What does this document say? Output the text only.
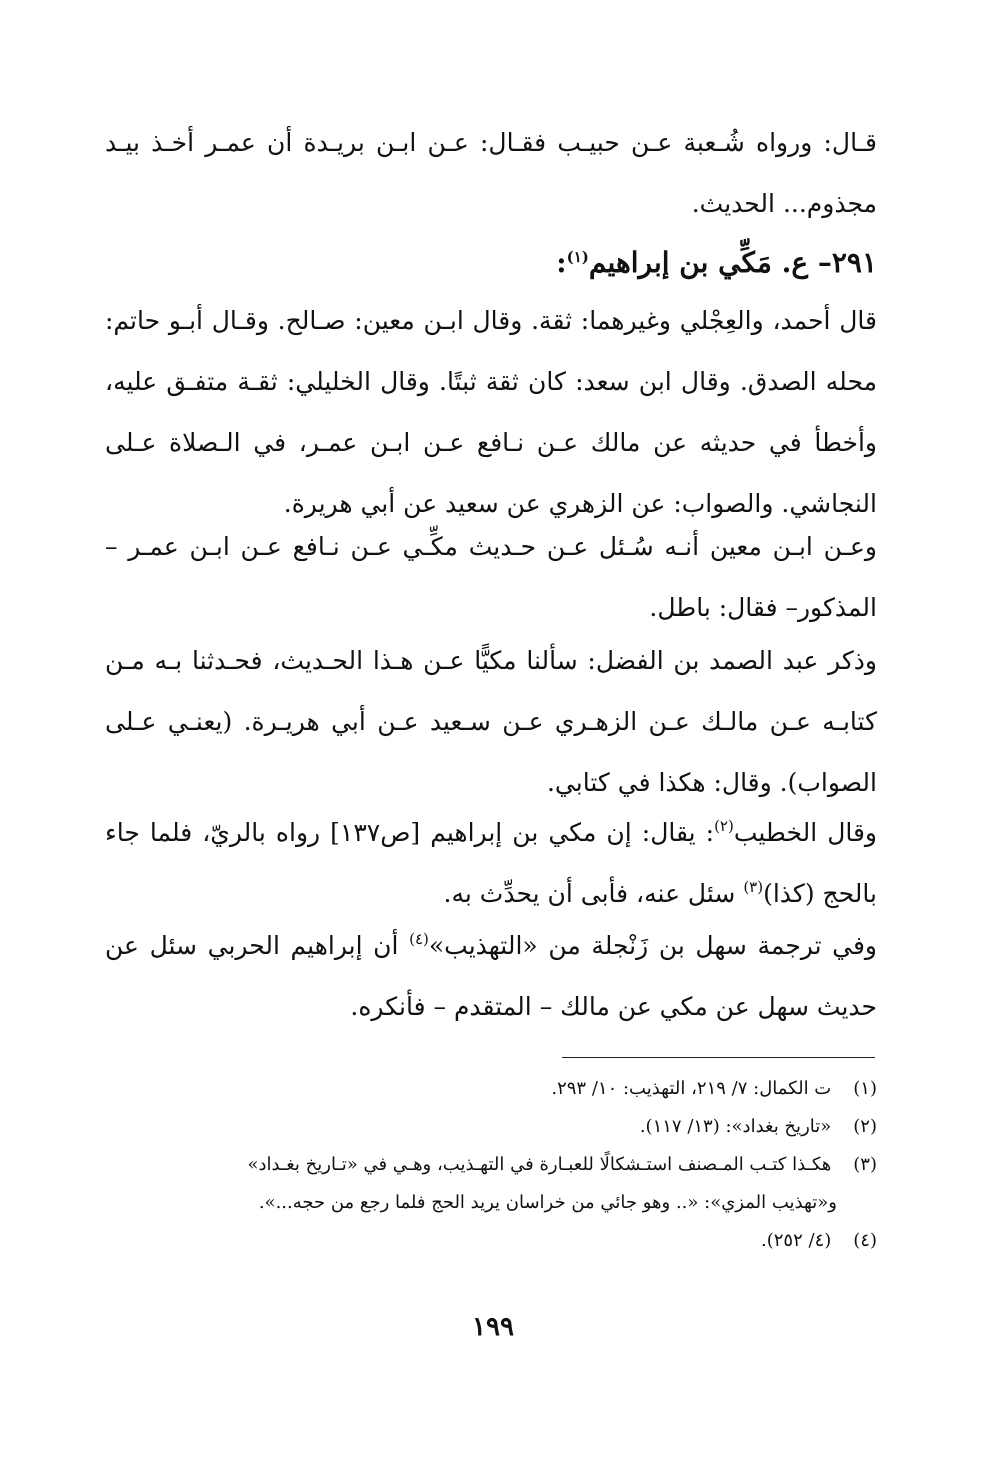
قـال: ورواه شُـعبة عـن حبيـب فقـال: عـن ابـن بريـدة أن عمـر أخـذ بيـد مجذوم... الحديث.

٢٩١– ع. مَكِّي بن إبراهيم$^{(١)}$:

قال أحمد، والعِجْلي وغيرهما: ثقة. وقال ابـن معين: صـالح. وقـال أبـو حاتم: محله الصدق. وقال ابن سعد: كان ثقة ثبتًا. وقال الخليلي: ثقـة متفـق عليه، وأخطأ في حديثه عن مالك عـن نـافع عـن ابـن عمـر، في الـصلاة عـلى النجاشي. والصواب: عن الزهري عن سعيد عن أبي هريرة.

وعـن ابـن معين أنـه سُـئل عـن حـديث مكِّـي عـن نـافع عـن ابـن عمـر – المذكور– فقال: باطل.

وذكر عبد الصمد بن الفضل: سألنا مكيًّا عـن هـذا الحـديث، فحـدثنا بـه مـن كتابـه عـن مالـك عـن الزهـري عـن سـعيد عـن أبي هريـرة. (يعنـي عـلى الصواب). وقال: هكذا في كتابي.

وقال الخطيب$^{(٢)}$: يقال: إن مكي بن إبراهيم [ص١٣٧] رواه بالريّ، فلما جاء بالحج (كذا)$^{(٣)}$ سئل عنه، فأبى أن يحدِّث به.

وفي ترجمة سهل بن زَنْجلة من «التهذيب»$^{(٤)}$ أن إبراهيم الحربي سئل عن حديث سهل عن مكي عن مالك – المتقدم – فأنكره.

(١) ت الكمال: ٧/ ٢١٩، التهذيب: ١٠/ ٢٩٣.

(٢) «تاريخ بغداد»: (١٣/ ١١٧).

(٣) هكـذا كتـب المـصنف استـشكالًا للعبـارة في التهـذيب، وهـي في «تـاريخ بغـداد»
و«تهذيب المزي»: «.. وهو جائي من خراسان يريد الحج فلما رجع من حجه...».

(٤) (٤/ ٢٥٢).

١٩٩
